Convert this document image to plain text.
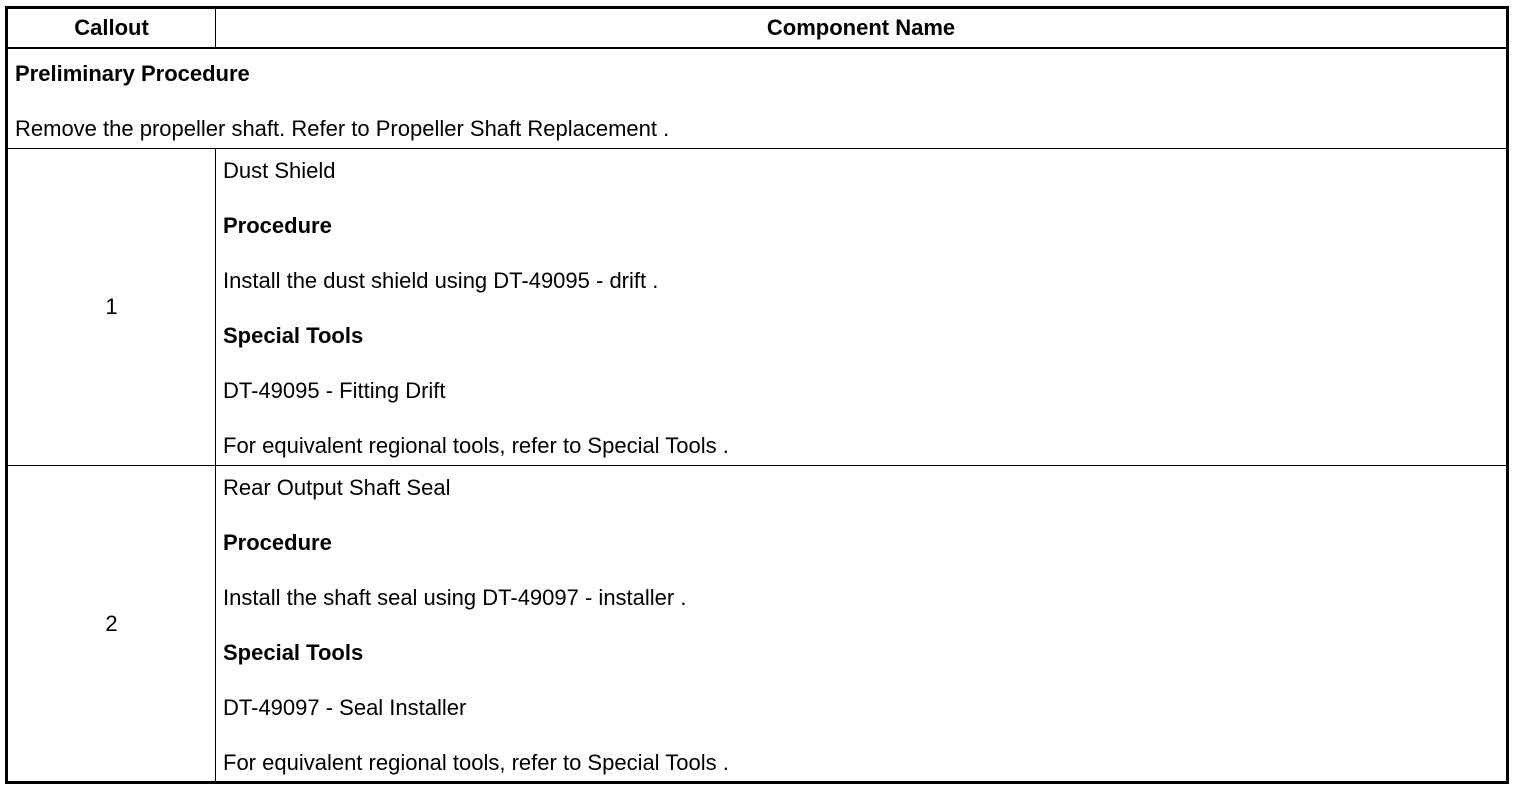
Callout	Component Name
Preliminary Procedure
Remove the propeller shaft. Refer to Propeller Shaft Replacement .
1
Dust Shield
Procedure
Install the dust shield using DT-49095 - drift .
Special Tools
DT-49095 - Fitting Drift
For equivalent regional tools, refer to Special Tools .
2
Rear Output Shaft Seal
Procedure
Install the shaft seal using DT-49097 - installer .
Special Tools
DT-49097 - Seal Installer
For equivalent regional tools, refer to Special Tools .
